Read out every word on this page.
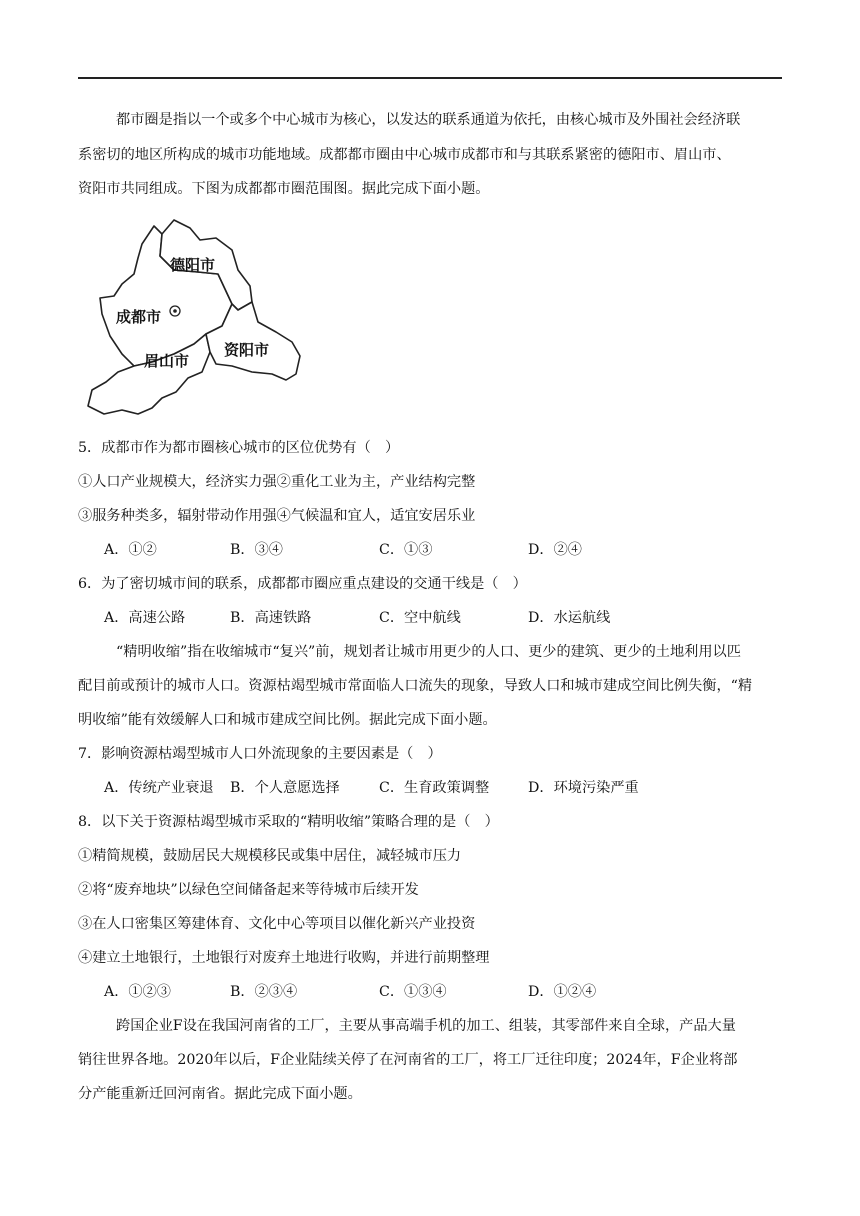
都市圈是指以一个或多个中心城市为核心，以发达的联系通道为依托，由核心城市及外围社会经济联
系密切的地区所构成的城市功能地域。成都都市圈由中心城市成都市和与其联系紧密的德阳市、眉山市、
资阳市共同组成。下图为成都都市圈范围图。据此完成下面小题。
德阳市
成都市
眉山市
资阳市
5．成都市作为都市圈核心城市的区位优势有（　）
①人口产业规模大，经济实力强②重化工业为主，产业结构完整
③服务种类多，辐射带动作用强④气候温和宜人，适宜安居乐业
A．①②	B．③④	C．①③	D．②④
6．为了密切城市间的联系，成都都市圈应重点建设的交通干线是（　）
A．高速公路	B．高速铁路	C．空中航线	D．水运航线
“精明收缩”指在收缩城市“复兴”前，规划者让城市用更少的人口、更少的建筑、更少的土地利用以匹
配目前或预计的城市人口。资源枯竭型城市常面临人口流失的现象，导致人口和城市建成空间比例失衡，“精
明收缩”能有效缓解人口和城市建成空间比例。据此完成下面小题。
7．影响资源枯竭型城市人口外流现象的主要因素是（　）
A．传统产业衰退 B．个人意愿选择	C．生育政策调整	D．环境污染严重
8．以下关于资源枯竭型城市采取的“精明收缩”策略合理的是（　）
①精简规模，鼓励居民大规模移民或集中居住，减轻城市压力
②将“废弃地块”以绿色空间储备起来等待城市后续开发
③在人口密集区筹建体育、文化中心等项目以催化新兴产业投资
④建立土地银行，土地银行对废弃土地进行收购，并进行前期整理
A．①②③	B．②③④	C．①③④	D．①②④
跨国企业F设在我国河南省的工厂，主要从事高端手机的加工、组装，其零部件来自全球，产品大量
销往世界各地。2020年以后，F企业陆续关停了在河南省的工厂，将工厂迁往印度；2024年，F企业将部
分产能重新迁回河南省。据此完成下面小题。
